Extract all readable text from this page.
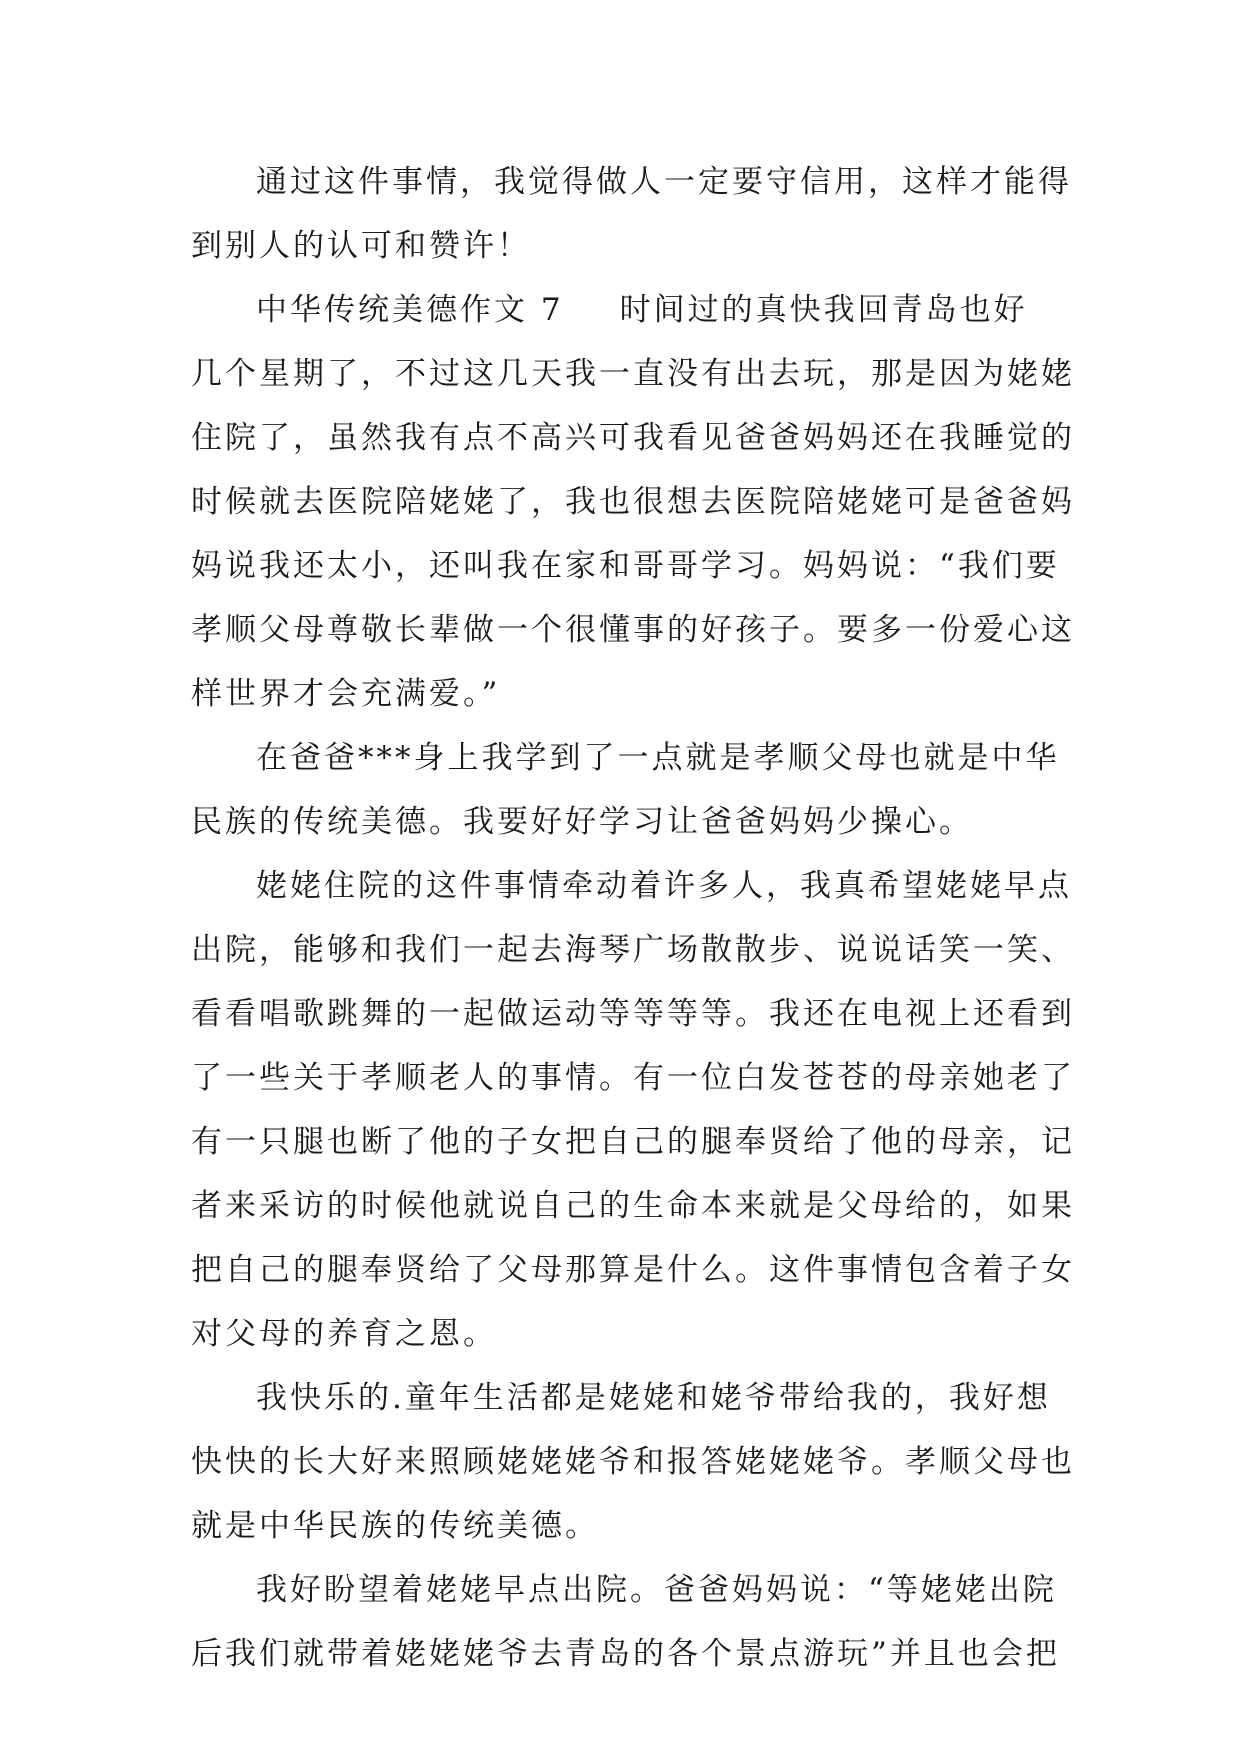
通过这件事情，我觉得做人一定要守信用，这样才能得
到别人的认可和赞许！
中华传统美德作文 7 时间过的真快我回青岛也好
几个星期了，不过这几天我一直没有出去玩，那是因为姥姥
住院了，虽然我有点不高兴可我看见爸爸妈妈还在我睡觉的
时候就去医院陪姥姥了，我也很想去医院陪姥姥可是爸爸妈
妈说我还太小，还叫我在家和哥哥学习。妈妈说：“我们要
孝顺父母尊敬长辈做一个很懂事的好孩子。要多一份爱心这
样世界才会充满爱。”
在爸爸***身上我学到了一点就是孝顺父母也就是中华
民族的传统美德。我要好好学习让爸爸妈妈少操心。
姥姥住院的这件事情牵动着许多人，我真希望姥姥早点
出院，能够和我们一起去海琴广场散散步、说说话笑一笑、
看看唱歌跳舞的一起做运动等等等等。我还在电视上还看到
了一些关于孝顺老人的事情。有一位白发苍苍的母亲她老了
有一只腿也断了他的子女把自己的腿奉贤给了他的母亲，记
者来采访的时候他就说自己的生命本来就是父母给的，如果
把自己的腿奉贤给了父母那算是什么。这件事情包含着子女
对父母的养育之恩。
我快乐的.童年生活都是姥姥和姥爷带给我的，我好想
快快的长大好来照顾姥姥姥爷和报答姥姥姥爷。孝顺父母也
就是中华民族的传统美德。
我好盼望着姥姥早点出院。爸爸妈妈说：“等姥姥出院
后我们就带着姥姥姥爷去青岛的各个景点游玩”并且也会把
